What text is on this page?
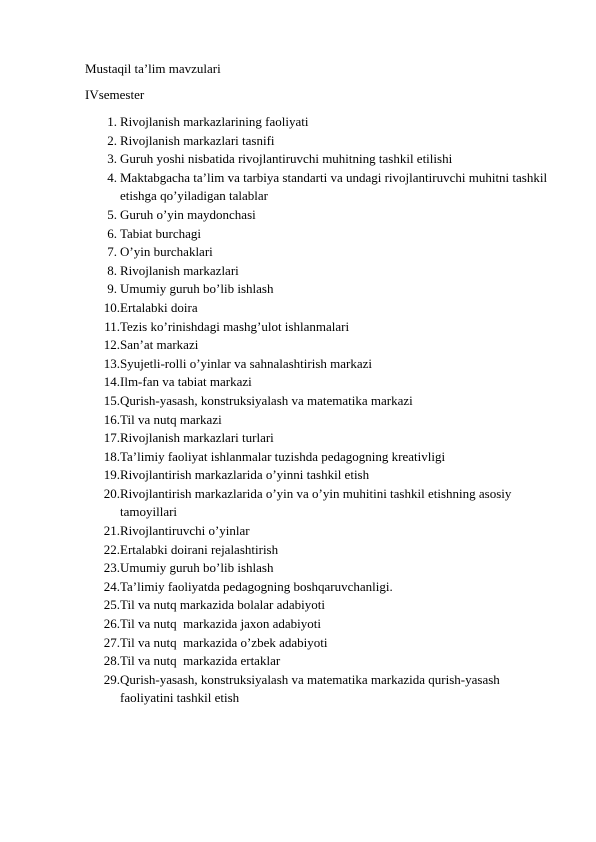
Mustaqil ta’lim mavzulari
IVsemester
1. Rivojlanish markazlarining faoliyati
2. Rivojlanish markazlari tasnifi
3. Guruh yoshi nisbatida rivojlantiruvchi muhitning tashkil etilishi
4. Maktabgacha ta’lim va tarbiya standarti va undagi rivojlantiruvchi muhitni tashkil etishga qo’yiladigan talablar
5. Guruh o’yin maydonchasi
6. Tabiat burchagi
7. O’yin burchaklari
8. Rivojlanish markazlari
9. Umumiy guruh bo’lib ishlash
10. Ertalabki doira
11. Tezis ko’rinishdagi mashg’ulot ishlanmalari
12. San’at markazi
13. Syujetli-rolli o’yinlar va sahnalashtirish markazi
14. Ilm-fan va tabiat markazi
15. Qurish-yasash, konstruksiyalash va matematika markazi
16. Til va nutq markazi
17. Rivojlanish markazlari turlari
18. Ta’limiy faoliyat ishlanmalar tuzishda pedagogning kreativligi
19. Rivojlantirish markazlarida o’yinni tashkil etish
20. Rivojlantirish markazlarida o’yin va o’yin muhitini tashkil etishning asosiy tamoyillari
21. Rivojlantiruvchi o’yinlar
22. Ertalabki doirani rejalashtirish
23. Umumiy guruh bo’lib ishlash
24. Ta’limiy faoliyatda pedagogning boshqaruvchanligi.
25. Til va nutq markazida bolalar adabiyoti
26. Til va nutq  markazida jaxon adabiyoti
27. Til va nutq  markazida o’zbek adabiyoti
28. Til va nutq  markazida ertaklar
29. Qurish-yasash, konstruksiyalash va matematika markazida qurish-yasash faoliyatini tashkil etish
